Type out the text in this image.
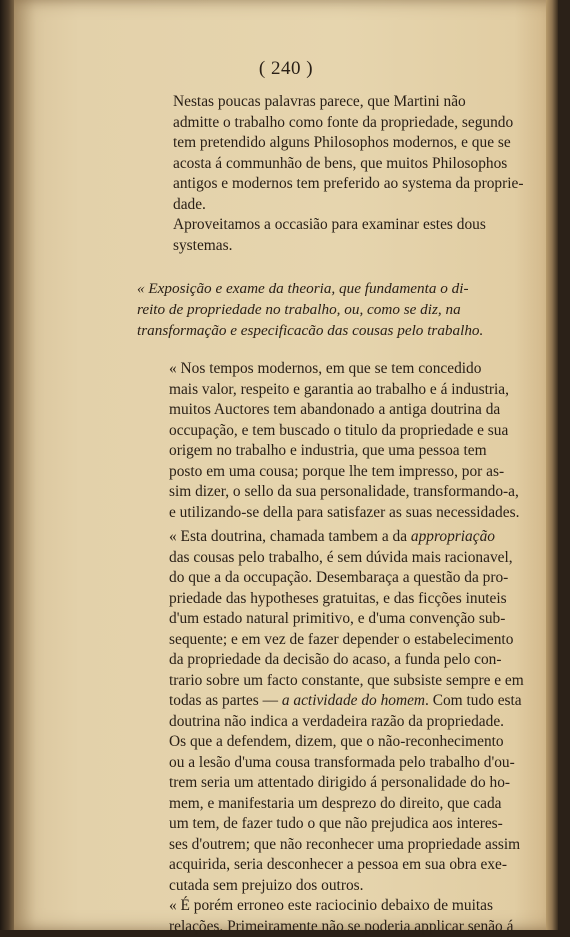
( 240 )

Nestas poucas palavras parece, que Martini não
admitte o trabalho como fonte da propriedade, segundo
tem pretendido alguns Philosophos modernos, e que se
acosta á communhão de bens, que muitos Philosophos
antigos e modernos tem preferido ao systema da proprie-
dade.

Aproveitamos a occasião para examinar estes dous
systemas.

« Exposição e exame da theoria, que fundamenta o di-
reito de propriedade no trabalho, ou, como se diz, na
transformação e especificacão das cousas pelo trabalho.

« Nos tempos modernos, em que se tem concedido
mais valor, respeito e garantia ao trabalho e á industria,
muitos Auctores tem abandonado a antiga doutrina da
occupação, e tem buscado o titulo da propriedade e sua
origem no trabalho e industria, que uma pessoa tem
posto em uma cousa; porque lhe tem impresso, por as-
sim dizer, o sello da sua personalidade, transformando-a,
e utilizando-se della para satisfazer as suas necessidades.

« Esta doutrina, chamada tambem a da appropriação
das cousas pelo trabalho, é sem dúvida mais racionavel,
do que a da occupação. Desembaraça a questão da pro-
priedade das hypotheses gratuitas, e das ficções inuteis
d'um estado natural primitivo, e d'uma convenção sub-
sequente; e em vez de fazer depender o estabelecimento
da propriedade da decisão do acaso, a funda pelo con-
trario sobre um facto constante, que subsiste sempre e em
todas as partes — a actividade do homem. Com tudo esta
doutrina não indica a verdadeira razão da propriedade.
Os que a defendem, dizem, que o não-reconhecimento
ou a lesão d'uma cousa transformada pelo trabalho d'ou-
trem seria um attentado dirigido á personalidade do ho-
mem, e manifestaria um desprezo do direito, que cada
um tem, de fazer tudo o que não prejudica aos interes-
ses d'outrem; que não reconhecer uma propriedade assim
acquirida, seria desconhecer a pessoa em sua obra exe-
cutada sem prejuizo dos outros.

« É porém erroneo este raciocinio debaixo de muitas
relações. Primeiramente não se poderia applicar senão á
